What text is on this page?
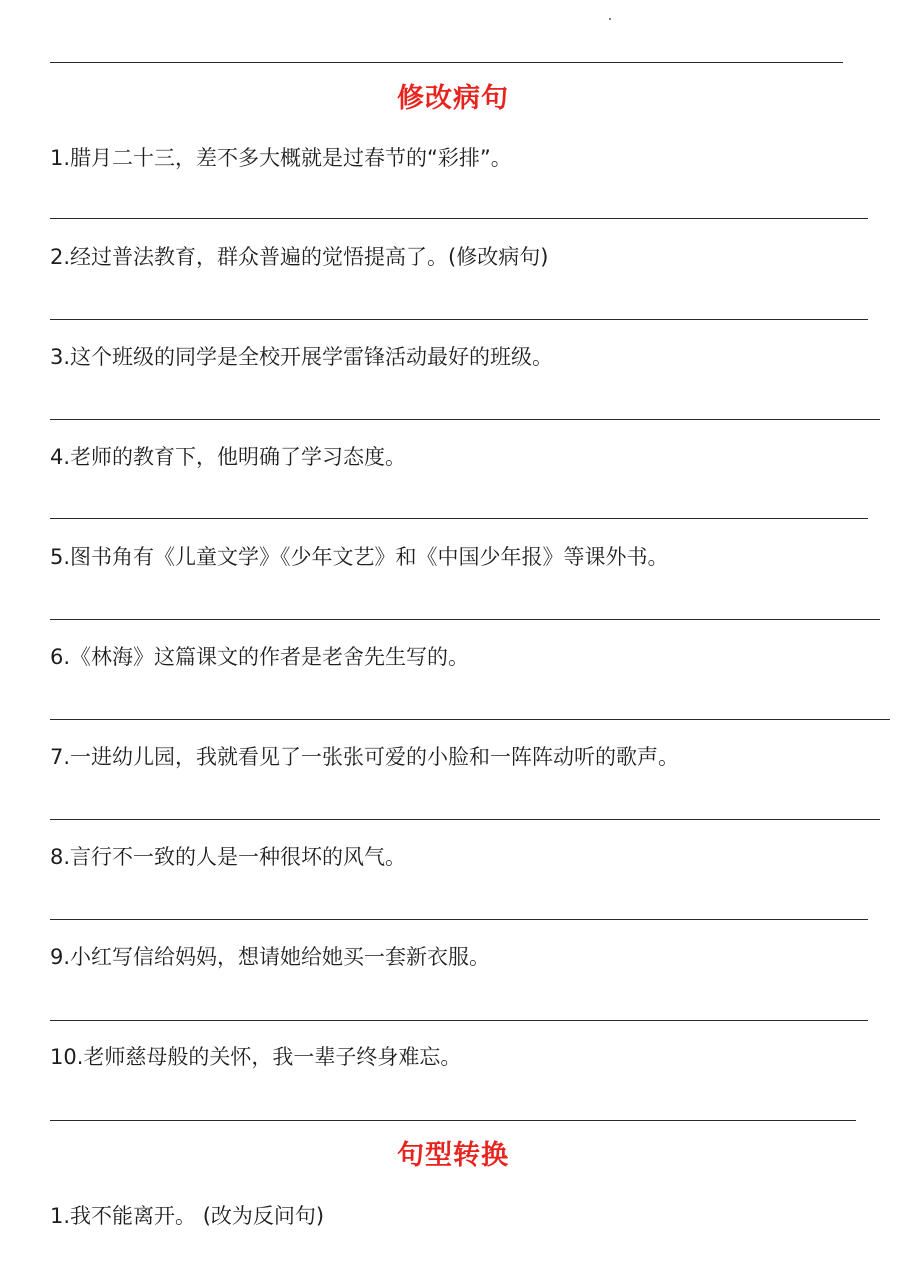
修改病句
1.腊月二十三，差不多大概就是过春节的“彩排”。
2.经过普法教育，群众普遍的觉悟提高了。(修改病句)
3.这个班级的同学是全校开展学雷锋活动最好的班级。
4.老师的教育下，他明确了学习态度。
5.图书角有《儿童文学》《少年文艺》和《中国少年报》等课外书。
6.《林海》这篇课文的作者是老舍先生写的。
7.一进幼儿园，我就看见了一张张可爱的小脸和一阵阵动听的歌声。
8.言行不一致的人是一种很坏的风气。
9.小红写信给妈妈，想请她给她买一套新衣服。
10.老师慈母般的关怀，我一辈子终身难忘。
句型转换
1.我不能离开。 (改为反问句)
